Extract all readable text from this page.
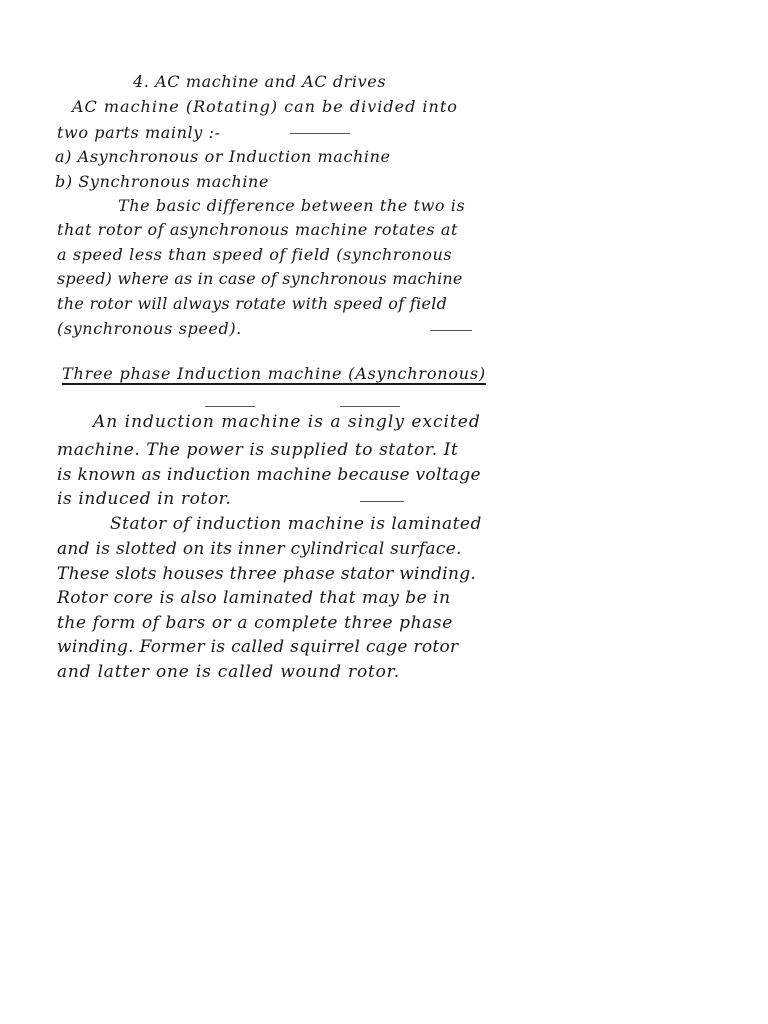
4. AC machine and AC drives

AC machine (Rotating) can be divided into

two parts mainly :-

a) Asynchronous or Induction machine

b) Synchronous machine

The basic difference between the two is

that rotor of asynchronous machine rotates at

a speed less than speed of field (synchronous

speed) where as in case of synchronous machine

the rotor will always rotate with speed of field

(synchronous speed).

Three phase Induction machine (Asynchronous)

An induction machine is a singly excited

machine. The power is supplied to stator. It

is known as induction machine because voltage

is induced in rotor.

Stator of induction machine is laminated

and is slotted on its inner cylindrical surface.

These slots houses three phase stator winding.

Rotor core is also laminated that may be in

the form of bars or a complete three phase

winding. Former is called squirrel cage rotor

and latter one is called wound rotor.
